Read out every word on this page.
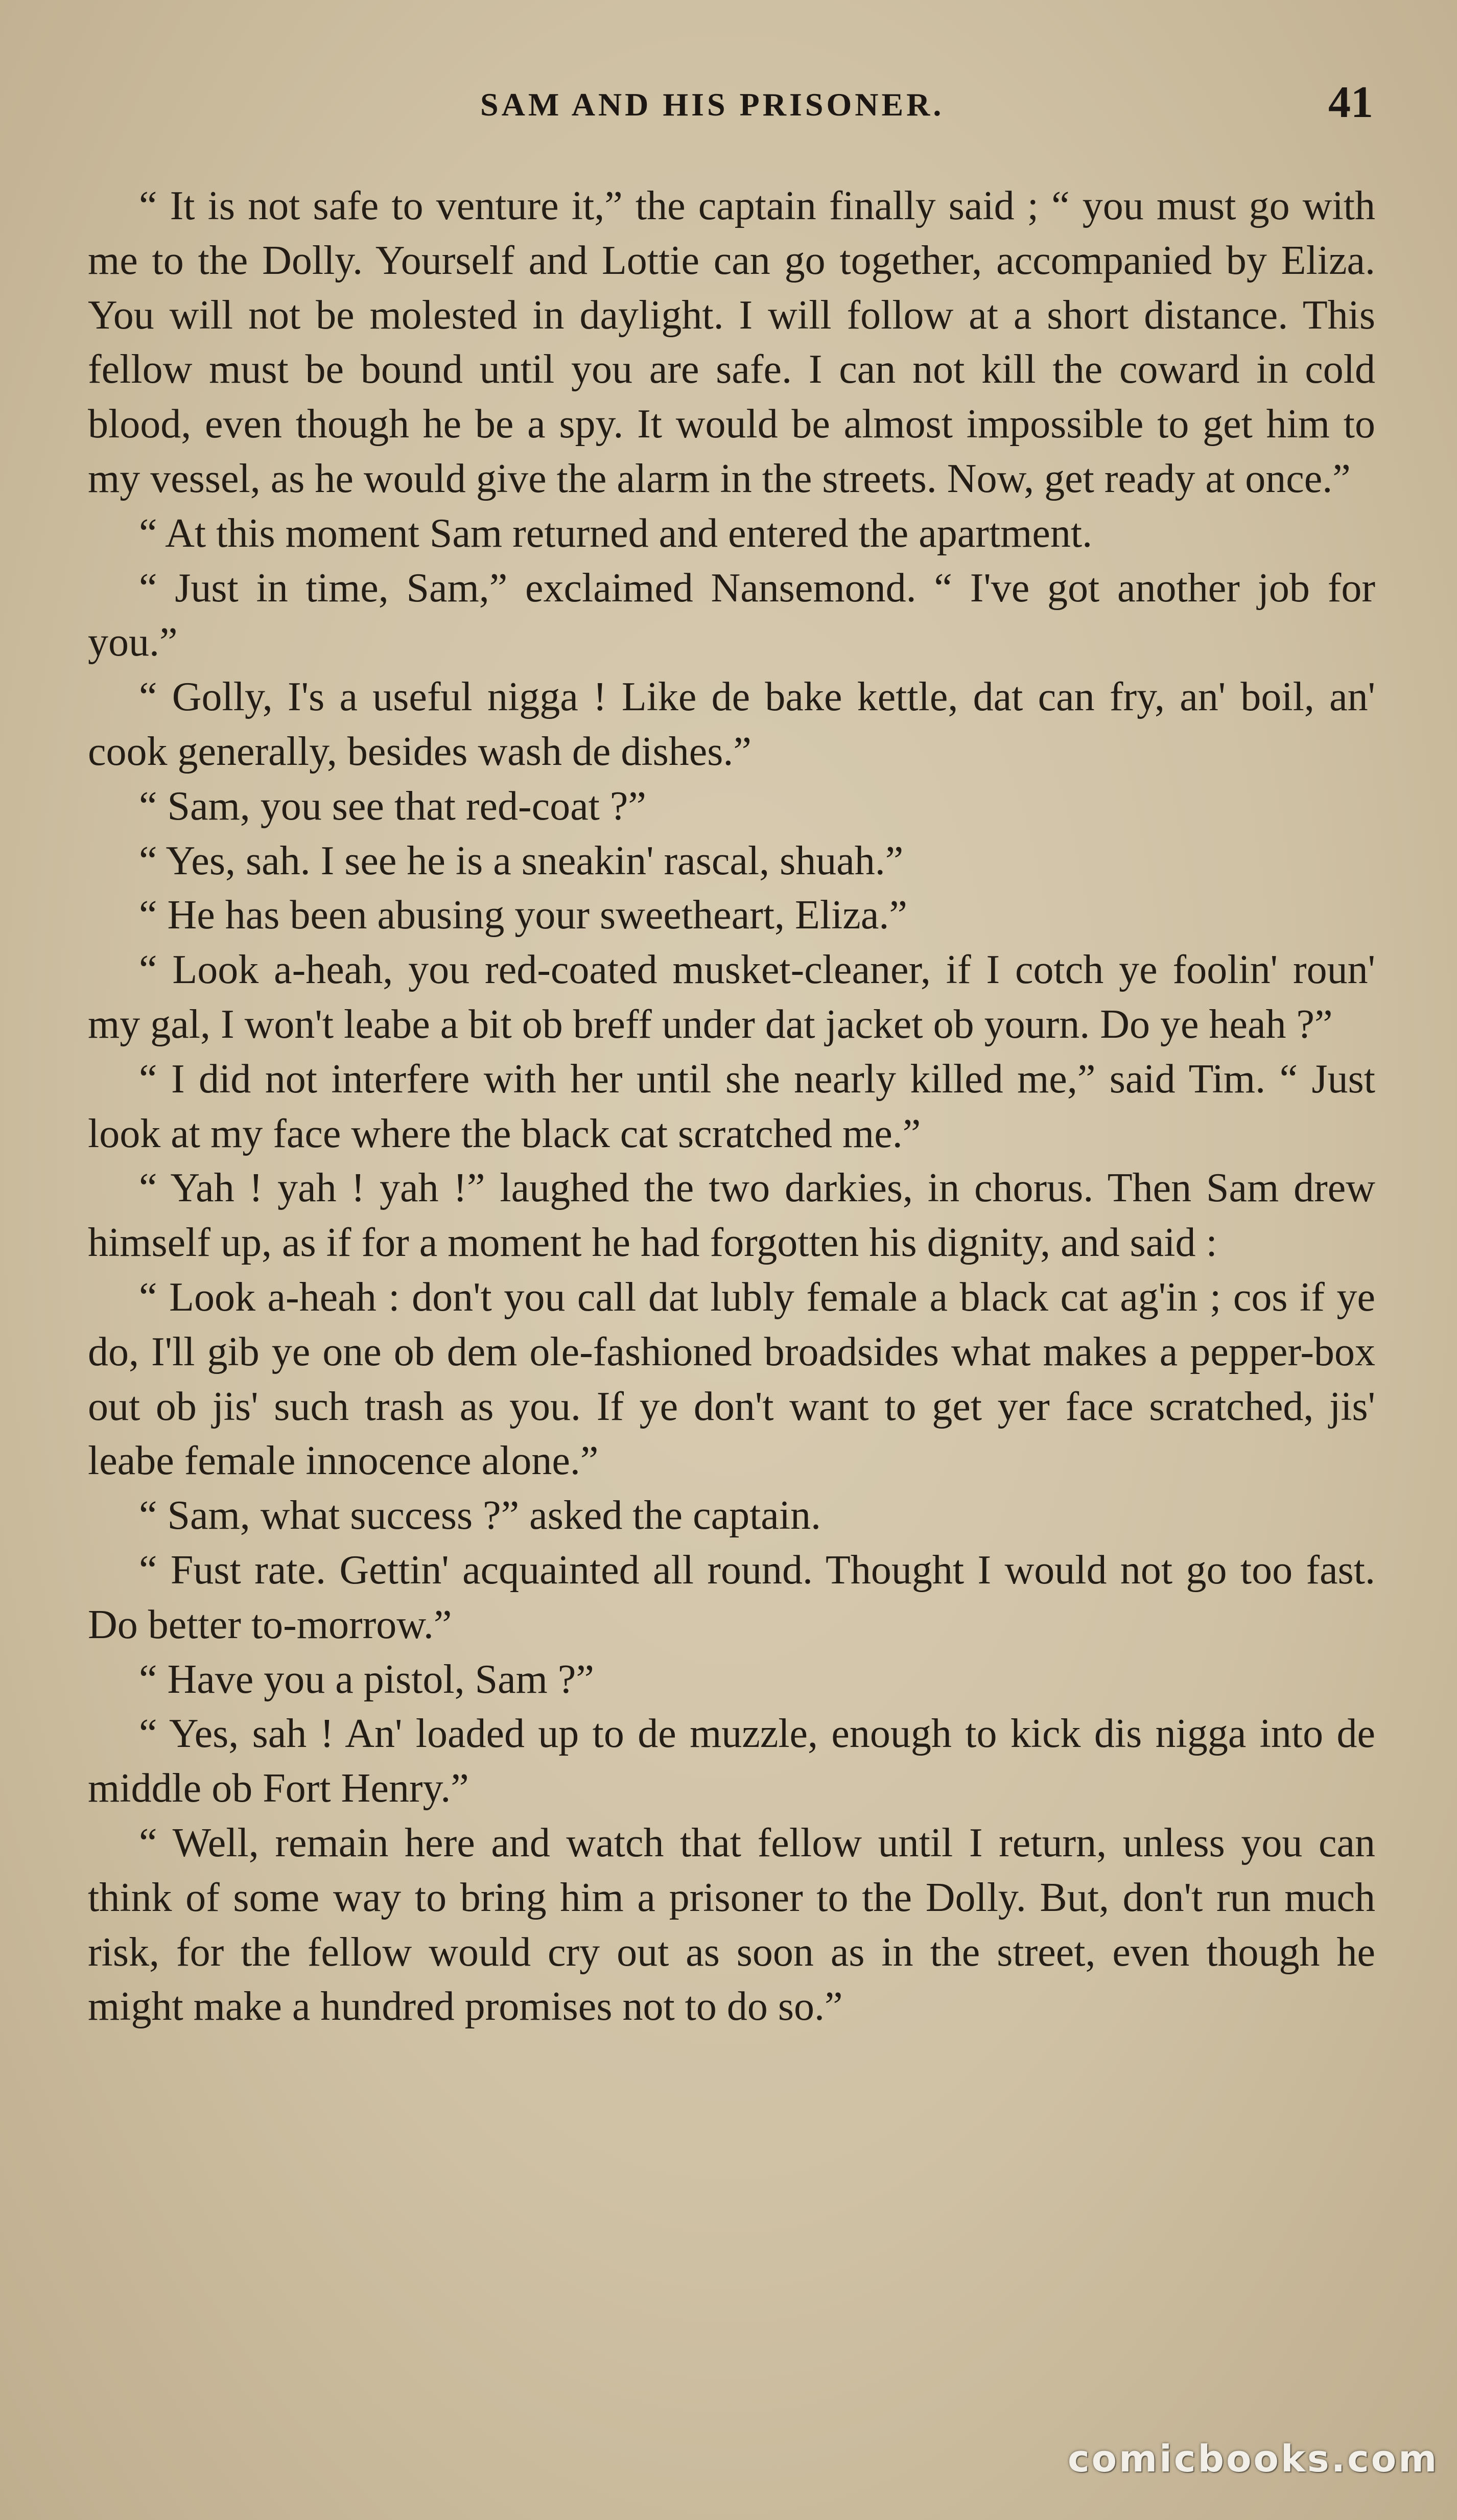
SAM AND HIS PRISONER.	41

“ It is not safe to venture it,” the captain finally said ; “ you must go with me to the Dolly. Yourself and Lottie can go together, accompanied by Eliza. You will not be molested in daylight. I will follow at a short distance. This fellow must be bound until you are safe. I can not kill the coward in cold blood, even though he be a spy. It would be almost impossible to get him to my vessel, as he would give the alarm in the streets. Now, get ready at once.”

“ At this moment Sam returned and entered the apartment.

“ Just in time, Sam,” exclaimed Nansemond. “ I've got another job for you.”

“ Golly, I's a useful nigga ! Like de bake kettle, dat can fry, an' boil, an' cook generally, besides wash de dishes.”

“ Sam, you see that red-coat ?”

“ Yes, sah. I see he is a sneakin' rascal, shuah.”

“ He has been abusing your sweetheart, Eliza.”

“ Look a-heah, you red-coated musket-cleaner, if I cotch ye foolin' roun' my gal, I won't leabe a bit ob breff under dat jacket ob yourn. Do ye heah ?”

“ I did not interfere with her until she nearly killed me,” said Tim. “ Just look at my face where the black cat scratched me.”

“ Yah ! yah ! yah !” laughed the two darkies, in chorus. Then Sam drew himself up, as if for a moment he had forgotten his dignity, and said :

“ Look a-heah : don't you call dat lubly female a black cat ag'in ; cos if ye do, I'll gib ye one ob dem ole-fashioned broadsides what makes a pepper-box out ob jis' such trash as you. If ye don't want to get yer face scratched, jis' leabe female innocence alone.”

“ Sam, what success ?” asked the captain.

“ Fust rate. Gettin' acquainted all round. Thought I would not go too fast. Do better to-morrow.”

“ Have you a pistol, Sam ?”

“ Yes, sah ! An' loaded up to de muzzle, enough to kick dis nigga into de middle ob Fort Henry.”

“ Well, remain here and watch that fellow until I return, unless you can think of some way to bring him a prisoner to the Dolly. But, don't run much risk, for the fellow would cry out as soon as in the street, even though he might make a hundred promises not to do so.”

comicbooks.com
